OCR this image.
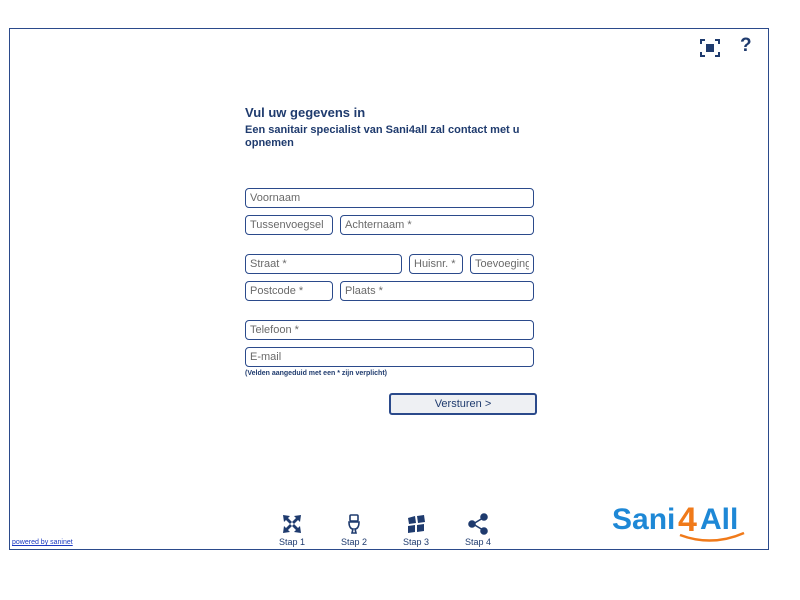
?
Vul uw gegevens in
Een sanitair specialist van Sani4all zal contact met u opnemen
Voornaam
Tussenvoegsel
Achternaam *
Straat *
Huisnr. *
Toevoeging
Postcode *
Plaats *
Telefoon *
E-mail
(Velden aangeduid met een * zijn verplicht)
Versturen >
Stap 1	Stap 2	Stap 3	Stap 4
powered by saninet
Sani 4 All
